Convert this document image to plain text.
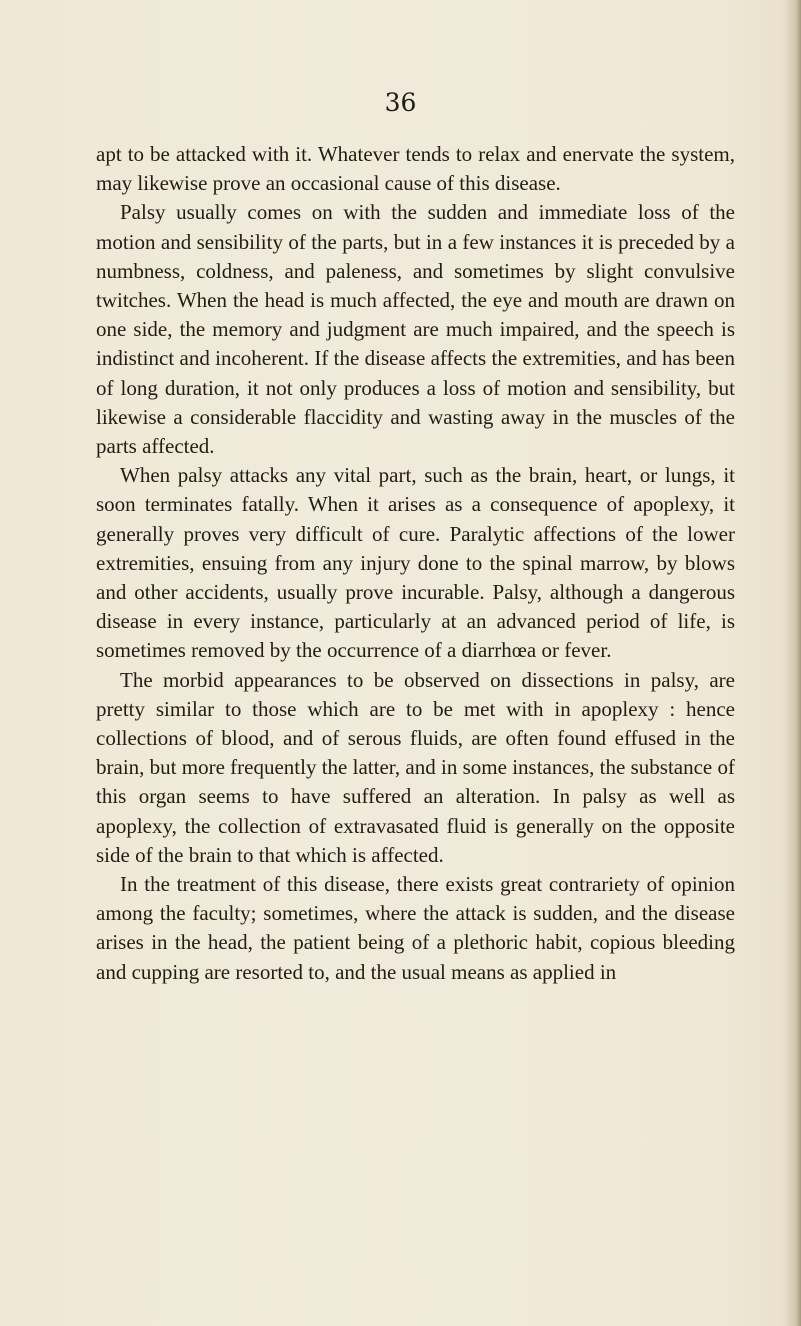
36

apt to be attacked with it. Whatever tends to relax and enervate the system, may likewise prove an occasional cause of this disease.

Palsy usually comes on with the sudden and immediate loss of the motion and sensibility of the parts, but in a few instances it is preceded by a numbness, coldness, and paleness, and sometimes by slight convulsive twitches. When the head is much affected, the eye and mouth are drawn on one side, the memory and judgment are much impaired, and the speech is indistinct and incoherent. If the disease affects the extremities, and has been of long duration, it not only produces a loss of motion and sensibility, but likewise a considerable flaccidity and wasting away in the muscles of the parts affected.

When palsy attacks any vital part, such as the brain, heart, or lungs, it soon terminates fatally. When it arises as a consequence of apoplexy, it generally proves very difficult of cure. Paralytic affections of the lower extremities, ensuing from any injury done to the spinal marrow, by blows and other accidents, usually prove incurable. Palsy, although a dangerous disease in every instance, particularly at an advanced period of life, is sometimes removed by the occurrence of a diarrhœa or fever.

The morbid appearances to be observed on dissections in palsy, are pretty similar to those which are to be met with in apoplexy : hence collections of blood, and of serous fluids, are often found effused in the brain, but more frequently the latter, and in some instances, the substance of this organ seems to have suffered an alteration. In palsy as well as apoplexy, the collection of extravasated fluid is generally on the opposite side of the brain to that which is affected.

In the treatment of this disease, there exists great contrariety of opinion among the faculty; sometimes, where the attack is sudden, and the disease arises in the head, the patient being of a plethoric habit, copious bleeding and cupping are resorted to, and the usual means as applied in
